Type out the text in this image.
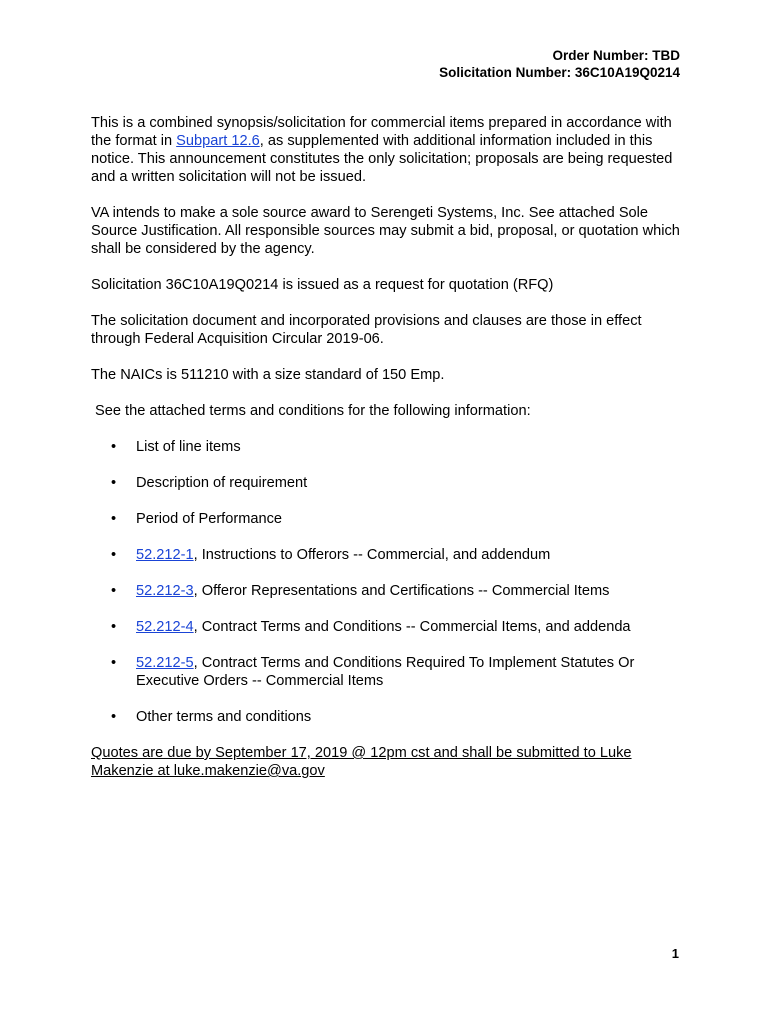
Order Number: TBD
Solicitation Number: 36C10A19Q0214

This is a combined synopsis/solicitation for commercial items prepared in accordance with the format in Subpart 12.6, as supplemented with additional information included in this notice. This announcement constitutes the only solicitation; proposals are being requested and a written solicitation will not be issued.

VA intends to make a sole source award to Serengeti Systems, Inc. See attached Sole Source Justification. All responsible sources may submit a bid, proposal, or quotation which shall be considered by the agency.

Solicitation 36C10A19Q0214 is issued as a request for quotation (RFQ)

The solicitation document and incorporated provisions and clauses are those in effect through Federal Acquisition Circular 2019-06.

The NAICs is 511210 with a size standard of 150 Emp.

See the attached terms and conditions for the following information:

• List of line items
• Description of requirement
• Period of Performance
• 52.212-1, Instructions to Offerors -- Commercial, and addendum
• 52.212-3, Offeror Representations and Certifications -- Commercial Items
• 52.212-4, Contract Terms and Conditions -- Commercial Items, and addenda
• 52.212-5, Contract Terms and Conditions Required To Implement Statutes Or Executive Orders -- Commercial Items
• Other terms and conditions

Quotes are due by September 17, 2019 @ 12pm cst and shall be submitted to Luke Makenzie at luke.makenzie@va.gov

1
